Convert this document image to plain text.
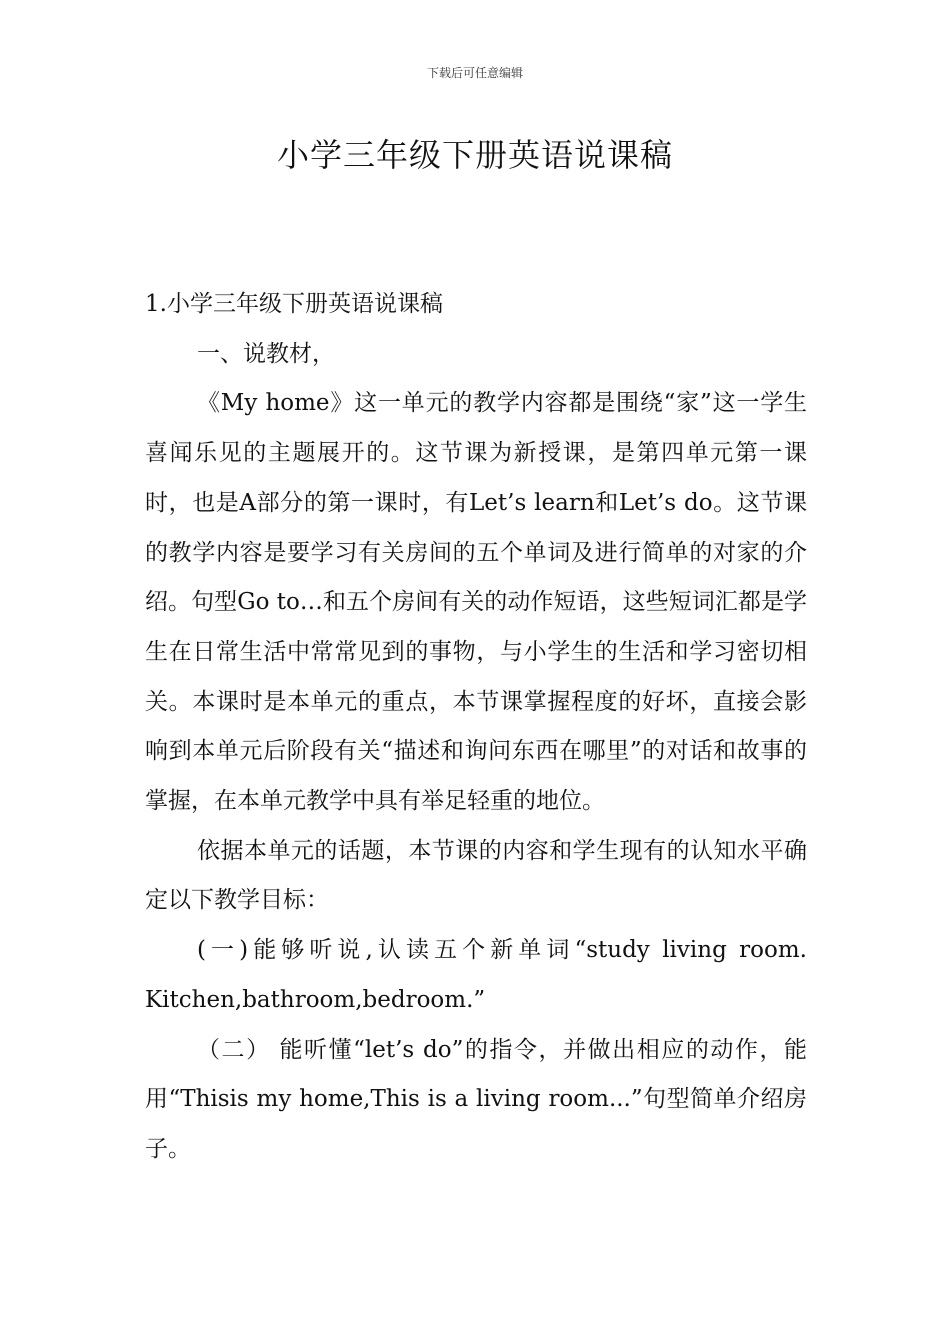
下载后可任意编辑
小学三年级下册英语说课稿

1.小学三年级下册英语说课稿

一、说教材，

《My home》这一单元的教学内容都是围绕“家”这一学生喜闻乐见的主题展开的。这节课为新授课，是第四单元第一课时，也是A部分的第一课时，有Let’s learn和Let’s do。这节课的教学内容是要学习有关房间的五个单词及进行简单的对家的介绍。句型Go to…和五个房间有关的动作短语，这些短词汇都是学生在日常生活中常常见到的事物，与小学生的生活和学习密切相关。本课时是本单元的重点，本节课掌握程度的好坏，直接会影响到本单元后阶段有关“描述和询问东西在哪里”的对话和故事的掌握，在本单元教学中具有举足轻重的地位。

依据本单元的话题，本节课的内容和学生现有的认知水平确定以下教学目标：

(一)能够听说,认读五个新单词“study living room. Kitchen,bathroom,bedroom.”

（二） 能听懂“let’s do”的指令，并做出相应的动作，能用“Thisis my home,This is a living room...”句型简单介绍房子。
